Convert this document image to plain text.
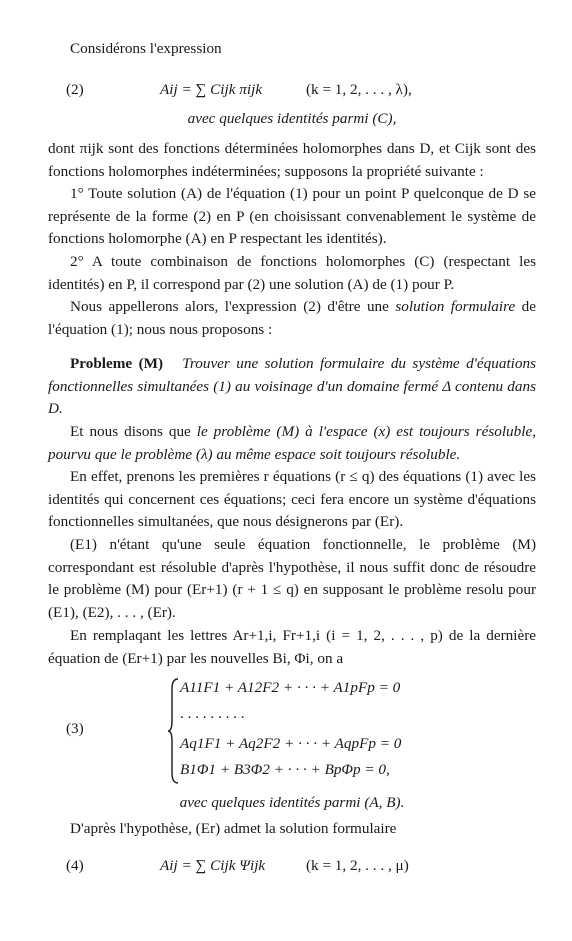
Considérons l'expression

(2)	Aij = ∑ Cijk πijk	(k = 1, 2, . . . , λ),
avec quelques identités parmi (C),

dont πijk sont des fonctions déterminées holomorphes dans D, et Cijk sont des fonctions holomorphes indéterminées; supposons la propriété suivante :

1° Toute solution (A) de l'équation (1) pour un point P quelconque de D se représente de la forme (2) en P (en choisissant convenablement le système de fonctions holomorphe (A) en P respectant les identités).

2° A toute combinaison de fonctions holomorphes (C) (respectant les identités) en P, il correspond par (2) une solution (A) de (1) pour P.

Nous appellerons alors, l'expression (2) d'être une solution formulaire de l'équation (1); nous nous proposons :

Probleme (M) Trouver une solution formulaire du système d'équations fonctionnelles simultanées (1) au voisinage d'un domaine fermé Δ contenu dans D.

Et nous disons que le problème (M) à l'espace (x) est toujours résoluble, pourvu que le problème (λ) au même espace soit toujours résoluble.

En effet, prenons les premières r équations (r ≤ q) des équations (1) avec les identités qui concernent ces équations; ceci fera encore un système d'équations fonctionnelles simultanées, que nous désignerons par (Er).

(E1) n'étant qu'une seule équation fonctionnelle, le problème (M) correspondant est résoluble d'après l'hypothèse, il nous suffit donc de résoudre le problème (M) pour (Er+1) (r + 1 ≤ q) en supposant le problème resolu pour (E1), (E2), . . . , (Er).

En remplaqant les lettres Ar+1,i, Fr+1,i (i = 1, 2, . . . , p) de la dernière équation de (Er+1) par les nouvelles Bi, Φi, on a

(3)
A11F1 + A12F2 + · · · + A1pFp = 0
. . . . . . . . .
Aq1F1 + Aq2F2 + · · · + AqpFp = 0
B1Φ1 + B3Φ2 + · · · + BpΦp = 0,
avec quelques identités parmi (A, B).

D'après l'hypothèse, (Er) admet la solution formulaire

(4)	Aij = ∑ Cijk Ψijk	(k = 1, 2, . . . , μ)
